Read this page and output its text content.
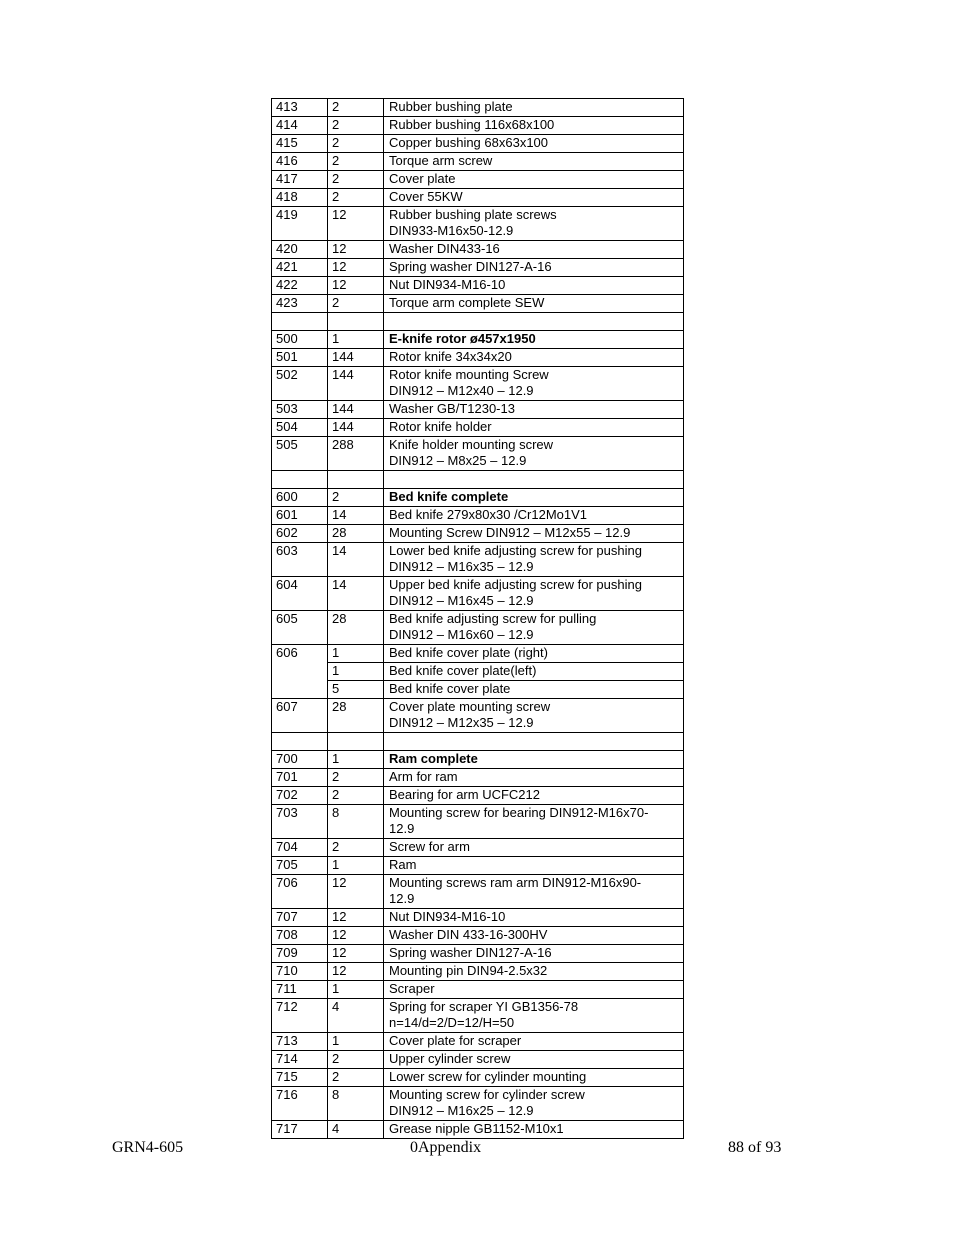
413	2	Rubber bushing plate

414	2	Rubber bushing 116x68x100

415	2	Copper bushing 68x63x100

416	2	Torque arm screw

417	2	Cover plate

418	2	Cover 55KW

419	12	Rubber bushing plate screws
DIN933-M16x50-12.9

420	12	Washer DIN433-16

421	12	Spring washer DIN127-A-16

422	12	Nut DIN934-M16-10

423	2	Torque arm complete SEW

500	1	E-knife rotor ø457x1950

501	144	Rotor knife 34x34x20

502	144	Rotor knife mounting Screw
DIN912 – M12x40 – 12.9

503	144	Washer GB/T1230-13

504	144	Rotor knife holder

505	288	Knife holder mounting screw
DIN912 – M8x25 – 12.9

600	2	Bed knife complete

601	14	Bed knife 279x80x30 /Cr12Mo1V1

602	28	Mounting Screw DIN912 – M12x55 – 12.9

603	14	Lower bed knife adjusting screw for pushing
DIN912 – M16x35 – 12.9

604	14	Upper bed knife adjusting screw for pushing
DIN912 – M16x45 – 12.9

605	28	Bed knife adjusting screw for pulling
DIN912 – M16x60 – 12.9

606	1	Bed knife cover plate (right)

	1	Bed knife cover plate(left)

	5	Bed knife cover plate

607	28	Cover plate mounting screw
DIN912 – M12x35 – 12.9

700	1	Ram complete

701	2	Arm for ram

702	2	Bearing for arm UCFC212

703	8	Mounting screw for bearing DIN912-M16x70-
12.9

704	2	Screw for arm

705	1	Ram

706	12	Mounting screws ram arm DIN912-M16x90-
12.9

707	12	Nut DIN934-M16-10

708	12	Washer DIN 433-16-300HV

709	12	Spring washer DIN127-A-16

710	12	Mounting pin DIN94-2.5x32

711	1	Scraper

712	4	Spring for scraper YI GB1356-78
n=14/d=2/D=12/H=50

713	1	Cover plate for scraper

714	2	Upper cylinder screw

715	2	Lower screw for cylinder mounting

716	8	Mounting screw for cylinder screw
DIN912 – M16x25 – 12.9

717	4	Grease nipple GB1152-M10x1
GRN4-605	0Appendix	88 of 93
